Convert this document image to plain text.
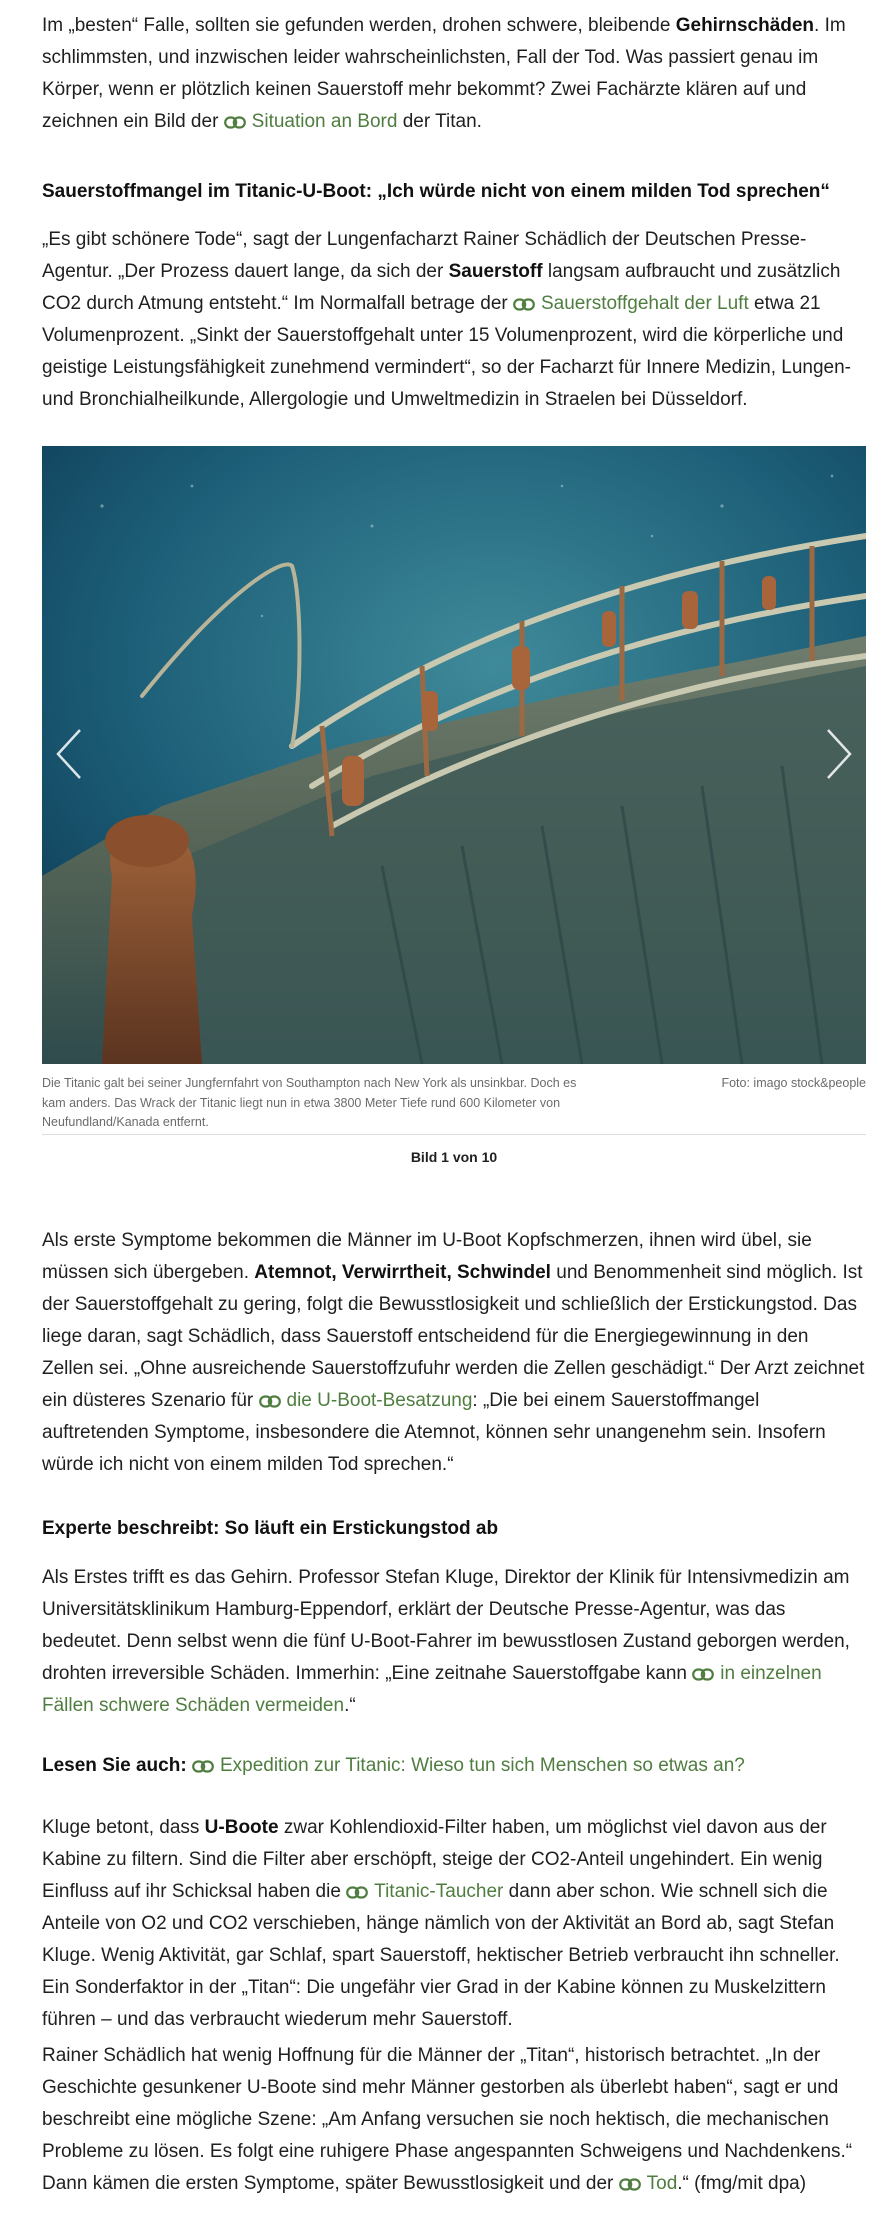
Im „besten“ Falle, sollten sie gefunden werden, drohen schwere, bleibende Gehirnschäden. Im schlimmsten, und inzwischen leider wahrscheinlichsten, Fall der Tod. Was passiert genau im Körper, wenn er plötzlich keinen Sauerstoff mehr bekommt? Zwei Fachärzte klären auf und zeichnen ein Bild der Situation an Bord der Titan.

Sauerstoffmangel im Titanic-U-Boot: „Ich würde nicht von einem milden Tod sprechen“

„Es gibt schönere Tode“, sagt der Lungenfacharzt Rainer Schädlich der Deutschen Presse-Agentur. „Der Prozess dauert lange, da sich der Sauerstoff langsam aufbraucht und zusätzlich CO2 durch Atmung entsteht.“ Im Normalfall betrage der Sauerstoffgehalt der Luft etwa 21 Volumenprozent. „Sinkt der Sauerstoffgehalt unter 15 Volumenprozent, wird die körperliche und geistige Leistungsfähigkeit zunehmend vermindert“, so der Facharzt für Innere Medizin, Lungen- und Bronchialheilkunde, Allergologie und Umweltmedizin in Straelen bei Düsseldorf.

Die Titanic galt bei seiner Jungfernfahrt von Southampton nach New York als unsinkbar. Doch es kam anders. Das Wrack der Titanic liegt nun in etwa 3800 Meter Tiefe rund 600 Kilometer von Neufundland/Kanada entfernt.
Foto: imago stock&people
Bild 1 von 10

Als erste Symptome bekommen die Männer im U-Boot Kopfschmerzen, ihnen wird übel, sie müssen sich übergeben. Atemnot, Verwirrtheit, Schwindel und Benommenheit sind möglich. Ist der Sauerstoffgehalt zu gering, folgt die Bewusstlosigkeit und schließlich der Erstickungstod. Das liege daran, sagt Schädlich, dass Sauerstoff entscheidend für die Energiegewinnung in den Zellen sei. „Ohne ausreichende Sauerstoffzufuhr werden die Zellen geschädigt.“ Der Arzt zeichnet ein düsteres Szenario für die U-Boot-Besatzung: „Die bei einem Sauerstoffmangel auftretenden Symptome, insbesondere die Atemnot, können sehr unangenehm sein. Insofern würde ich nicht von einem milden Tod sprechen.“

Experte beschreibt: So läuft ein Erstickungstod ab

Als Erstes trifft es das Gehirn. Professor Stefan Kluge, Direktor der Klinik für Intensivmedizin am Universitätsklinikum Hamburg-Eppendorf, erklärt der Deutsche Presse-Agentur, was das bedeutet. Denn selbst wenn die fünf U-Boot-Fahrer im bewusstlosen Zustand geborgen werden, drohten irreversible Schäden. Immerhin: „Eine zeitnahe Sauerstoffgabe kann in einzelnen Fällen schwere Schäden vermeiden.“

Lesen Sie auch: Expedition zur Titanic: Wieso tun sich Menschen so etwas an?

Kluge betont, dass U-Boote zwar Kohlendioxid-Filter haben, um möglichst viel davon aus der Kabine zu filtern. Sind die Filter aber erschöpft, steige der CO2-Anteil ungehindert. Ein wenig Einfluss auf ihr Schicksal haben die Titanic-Taucher dann aber schon. Wie schnell sich die Anteile von O2 und CO2 verschieben, hänge nämlich von der Aktivität an Bord ab, sagt Stefan Kluge. Wenig Aktivität, gar Schlaf, spart Sauerstoff, hektischer Betrieb verbraucht ihn schneller. Ein Sonderfaktor in der „Titan“: Die ungefähr vier Grad in der Kabine können zu Muskelzittern führen – und das verbraucht wiederum mehr Sauerstoff.

Rainer Schädlich hat wenig Hoffnung für die Männer der „Titan“, historisch betrachtet. „In der Geschichte gesunkener U-Boote sind mehr Männer gestorben als überlebt haben“, sagt er und beschreibt eine mögliche Szene: „Am Anfang versuchen sie noch hektisch, die mechanischen Probleme zu lösen. Es folgt eine ruhigere Phase angespannten Schweigens und Nachdenkens.“ Dann kämen die ersten Symptome, später Bewusstlosigkeit und der Tod.“ (fmg/mit dpa)
